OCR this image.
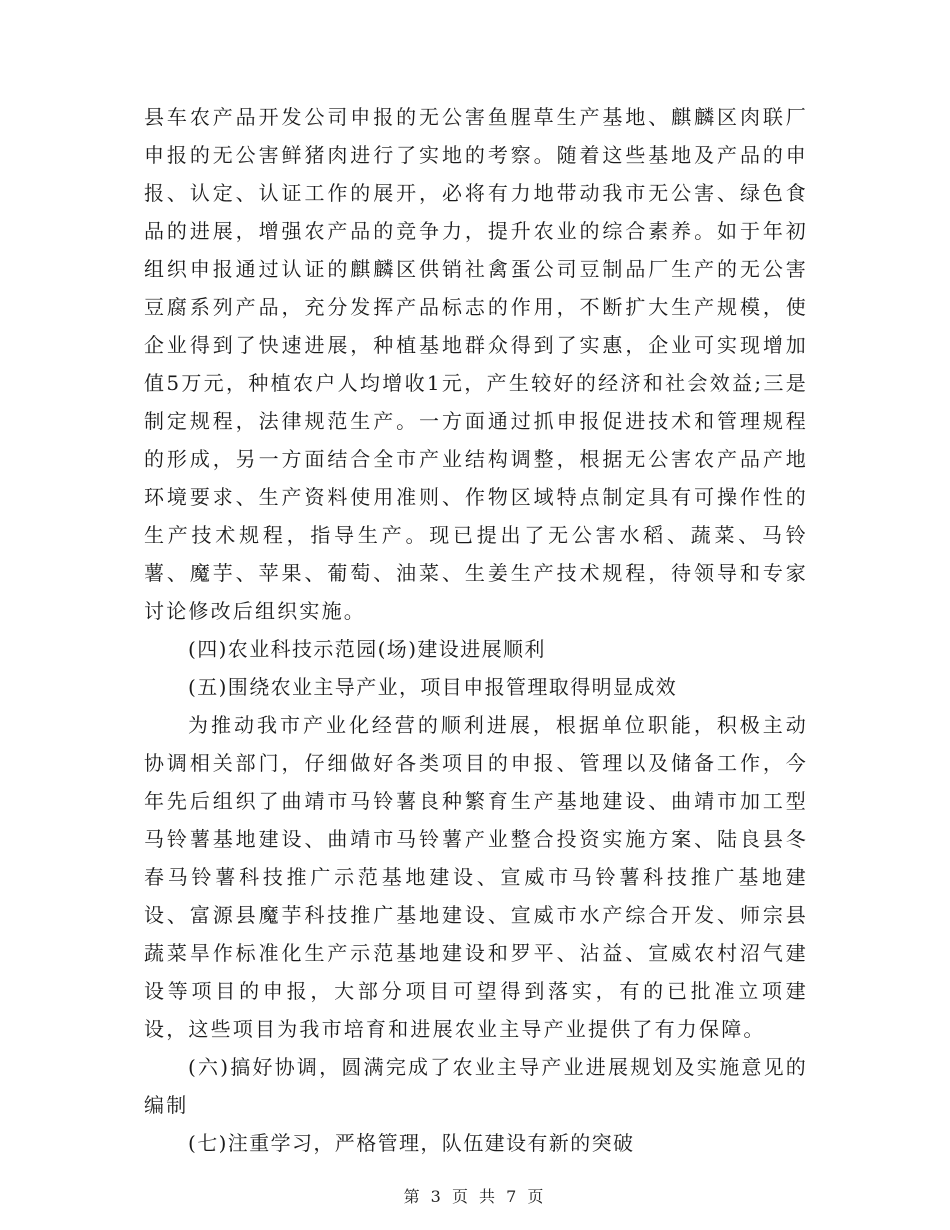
县车农产品开发公司申报的无公害鱼腥草生产基地、麒麟区肉联厂申报的无公害鲜猪肉进行了实地的考察。随着这些基地及产品的申报、认定、认证工作的展开，必将有力地带动我市无公害、绿色食品的进展，增强农产品的竞争力，提升农业的综合素养。如于年初组织申报通过认证的麒麟区供销社禽蛋公司豆制品厂生产的无公害豆腐系列产品，充分发挥产品标志的作用，不断扩大生产规模，使企业得到了快速进展，种植基地群众得到了实惠，企业可实现增加值5万元，种植农户人均增收1元，产生较好的经济和社会效益;三是制定规程，法律规范生产。一方面通过抓申报促进技术和管理规程的形成，另一方面结合全市产业结构调整，根据无公害农产品产地环境要求、生产资料使用准则、作物区域特点制定具有可操作性的生产技术规程，指导生产。现已提出了无公害水稻、蔬菜、马铃薯、魔芋、苹果、葡萄、油菜、生姜生产技术规程，待领导和专家讨论修改后组织实施。

(四)农业科技示范园(场)建设进展顺利

(五)围绕农业主导产业，项目申报管理取得明显成效

为推动我市产业化经营的顺利进展，根据单位职能，积极主动协调相关部门，仔细做好各类项目的申报、管理以及储备工作，今年先后组织了曲靖市马铃薯良种繁育生产基地建设、曲靖市加工型马铃薯基地建设、曲靖市马铃薯产业整合投资实施方案、陆良县冬春马铃薯科技推广示范基地建设、宣威市马铃薯科技推广基地建设、富源县魔芋科技推广基地建设、宣威市水产综合开发、师宗县蔬菜旱作标准化生产示范基地建设和罗平、沾益、宣威农村沼气建设等项目的申报，大部分项目可望得到落实，有的已批准立项建设，这些项目为我市培育和进展农业主导产业提供了有力保障。

(六)搞好协调，圆满完成了农业主导产业进展规划及实施意见的编制

(七)注重学习，严格管理，队伍建设有新的突破

第 3 页 共 7 页
